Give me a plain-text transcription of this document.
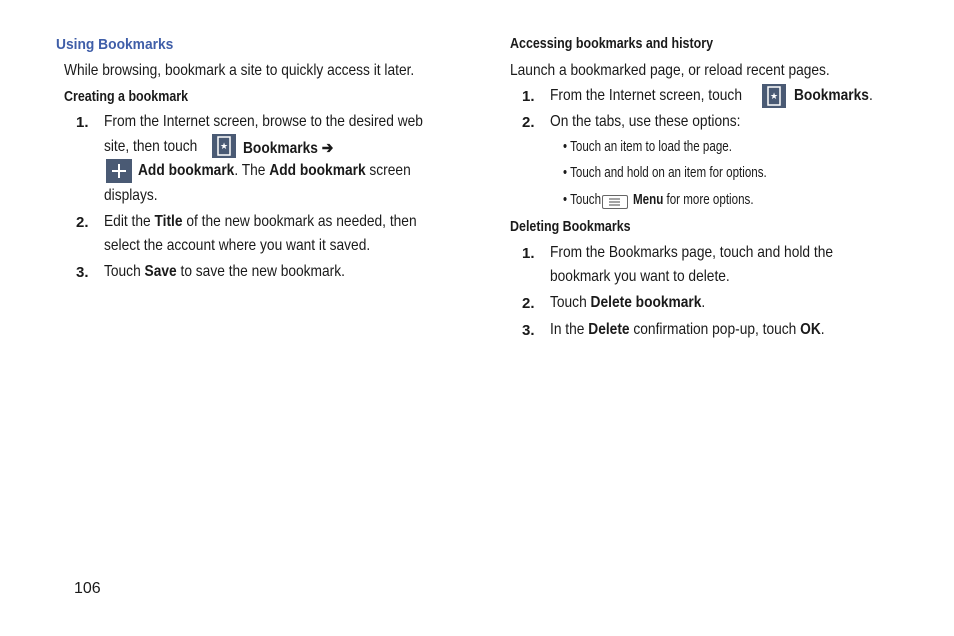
Using Bookmarks
While browsing, bookmark a site to quickly access it later.
Creating a bookmark
1. From the Internet screen, browse to the desired web
site, then touch	★ Bookmarks ➔
Add bookmark. The Add bookmark screen
displays.
2. Edit the Title of the new bookmark as needed, then
select the account where you want it saved.
3. Touch Save to save the new bookmark.
Accessing bookmarks and history
Launch a bookmarked page, or reload recent pages.
1. From the Internet screen, touch	★ Bookmarks.
2. On the tabs, use these options:
• Touch an item to load the page.
• Touch and hold on an item for options.
• Touch Menu for more options.
Deleting Bookmarks
1. From the Bookmarks page, touch and hold the
bookmark you want to delete.
2. Touch Delete bookmark.
3. In the Delete confirmation pop-up, touch OK.
106
